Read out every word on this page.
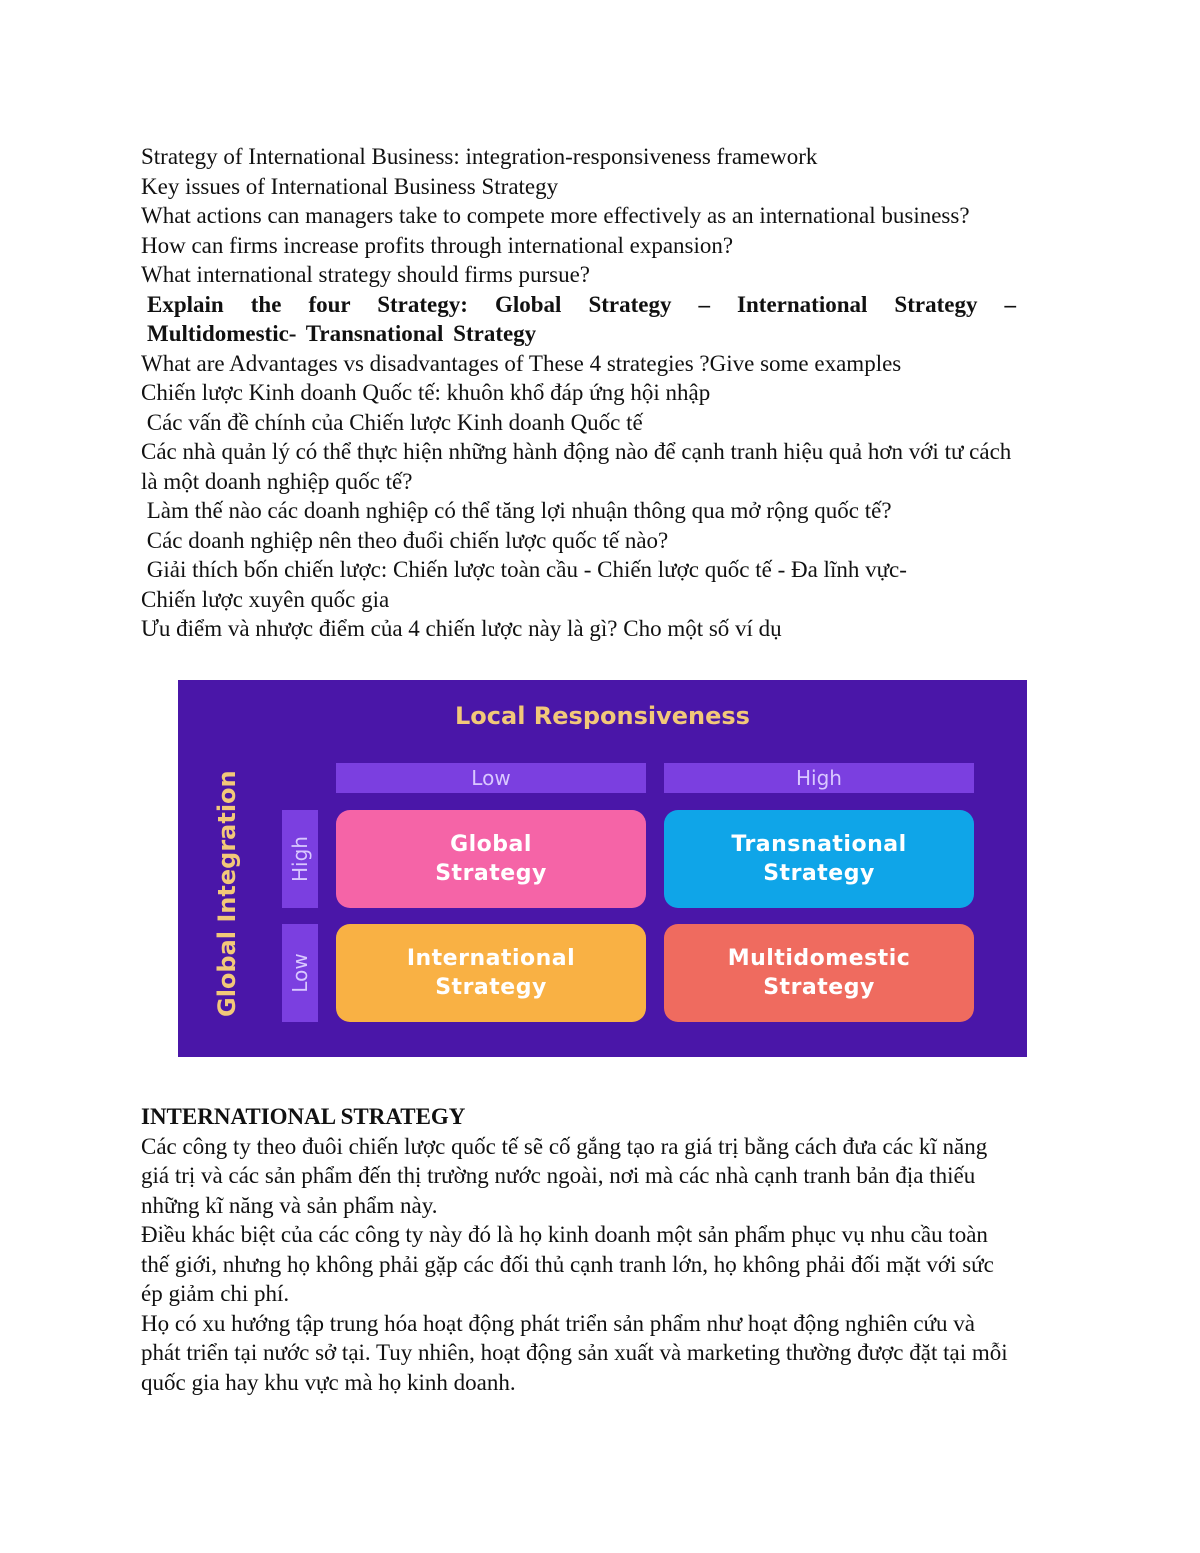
Strategy of International Business: integration-responsiveness framework
Key issues of International Business Strategy
What actions can managers take to compete more effectively as an international business?
How can firms increase profits through international expansion?
What international strategy should firms pursue?
Explain the four Strategy: Global Strategy – International Strategy – Multidomestic- Transnational Strategy
What are Advantages vs disadvantages of These 4 strategies ?Give some examples
Chiến lược Kinh doanh Quốc tế: khuôn khổ đáp ứng hội nhập
Các vấn đề chính của Chiến lược Kinh doanh Quốc tế
Các nhà quản lý có thể thực hiện những hành động nào để cạnh tranh hiệu quả hơn với tư cách là một doanh nghiệp quốc tế?
Làm thế nào các doanh nghiệp có thể tăng lợi nhuận thông qua mở rộng quốc tế?
Các doanh nghiệp nên theo đuổi chiến lược quốc tế nào?
Giải thích bốn chiến lược: Chiến lược toàn cầu - Chiến lược quốc tế - Đa lĩnh vực- Chiến lược xuyên quốc gia
Ưu điểm và nhược điểm của 4 chiến lược này là gì? Cho một số ví dụ
Local Responsiveness
Global Integration	Low	High
High
Low
Global
Strategy
Transnational
Strategy
International
Strategy
Multidomestic
Strategy
INTERNATIONAL STRATEGY
Các công ty theo đuôi chiến lược quốc tế sẽ cố gắng tạo ra giá trị bằng cách đưa các kĩ năng giá trị và các sản phẩm đến thị trường nước ngoài, nơi mà các nhà cạnh tranh bản địa thiếu những kĩ năng và sản phẩm này.
Điều khác biệt của các công ty này đó là họ kinh doanh một sản phẩm phục vụ nhu cầu toàn thế giới, nhưng họ không phải gặp các đối thủ cạnh tranh lớn, họ không phải đối mặt với sức ép giảm chi phí.
Họ có xu hướng tập trung hóa hoạt động phát triển sản phẩm như hoạt động nghiên cứu và phát triển tại nước sở tại. Tuy nhiên, hoạt động sản xuất và marketing thường được đặt tại mỗi quốc gia hay khu vực mà họ kinh doanh.
